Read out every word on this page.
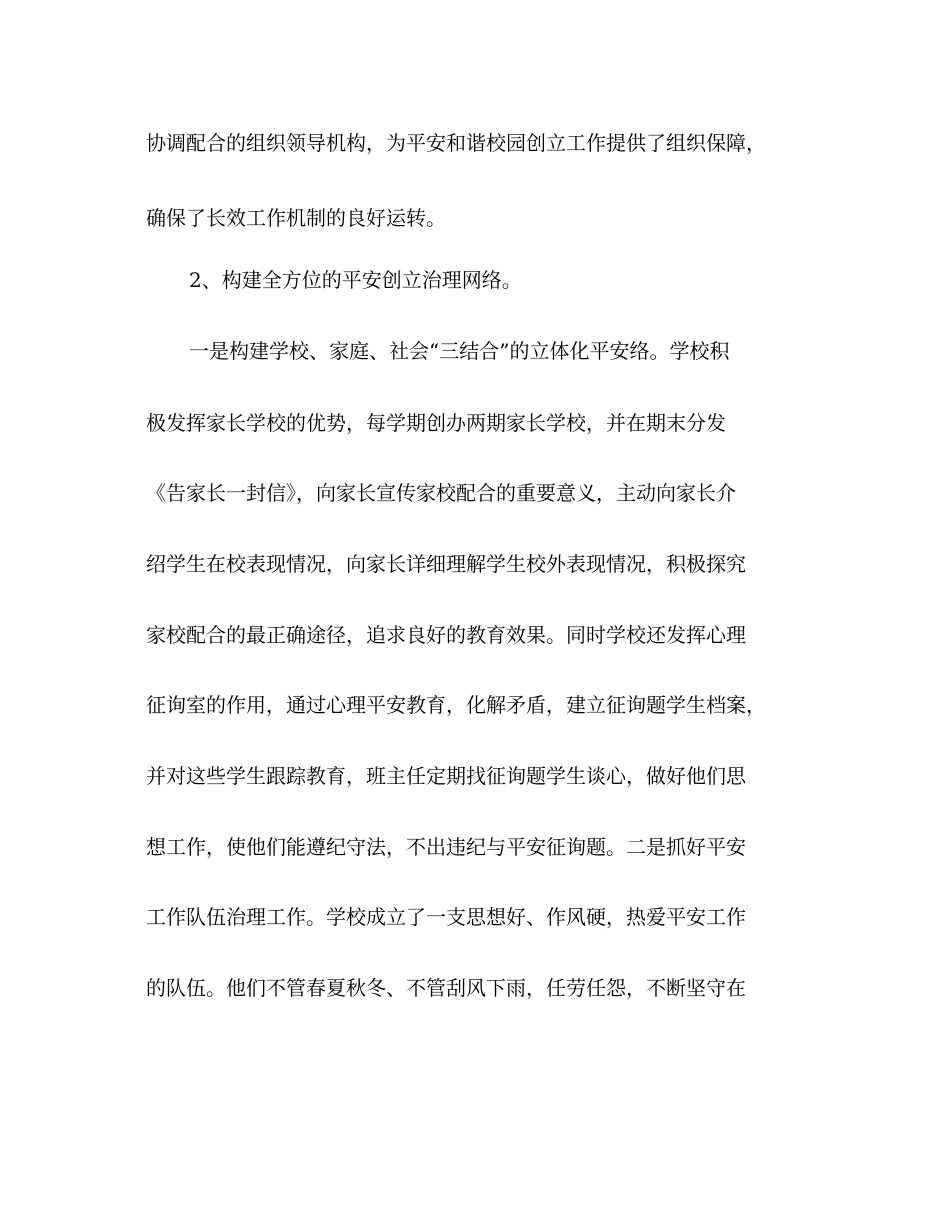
协调配合的组织领导机构，为平安和谐校园创立工作提供了组织保障，
确保了长效工作机制的良好运转。
2、构建全方位的平安创立治理网络。
一是构建学校、家庭、社会“三结合”的立体化平安络。学校积
极发挥家长学校的优势，每学期创办两期家长学校，并在期末分发
《告家长一封信》，向家长宣传家校配合的重要意义，主动向家长介
绍学生在校表现情况，向家长详细理解学生校外表现情况，积极探究
家校配合的最正确途径，追求良好的教育效果。同时学校还发挥心理
征询室的作用，通过心理平安教育，化解矛盾，建立征询题学生档案，
并对这些学生跟踪教育，班主任定期找征询题学生谈心，做好他们思
想工作，使他们能遵纪守法，不出违纪与平安征询题。二是抓好平安
工作队伍治理工作。学校成立了一支思想好、作风硬，热爱平安工作
的队伍。他们不管春夏秋冬、不管刮风下雨，任劳任怨，不断坚守在
